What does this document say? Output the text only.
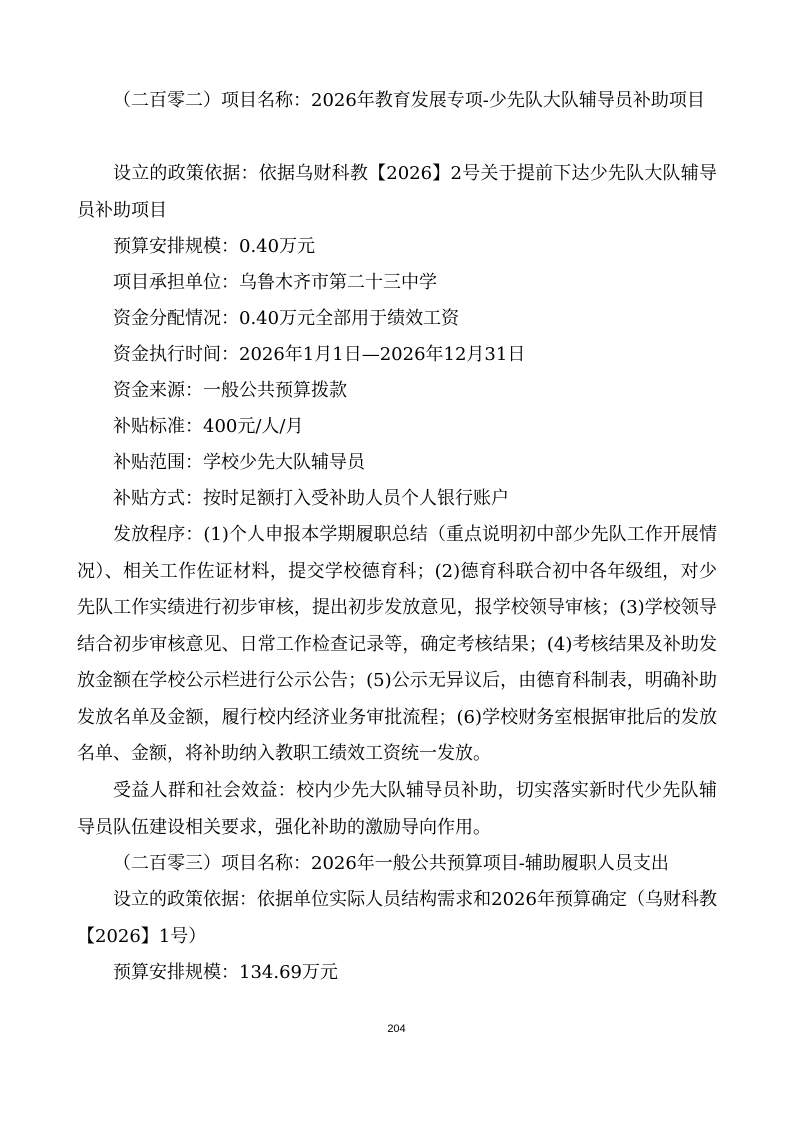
（二百零二）项目名称：2026年教育发展专项-少先队大队辅导员补助项目

设立的政策依据：依据乌财科教【2026】2号关于提前下达少先队大队辅导员补助项目

预算安排规模：0.40万元

项目承担单位：乌鲁木齐市第二十三中学

资金分配情况：0.40万元全部用于绩效工资

资金执行时间：2026年1月1日—2026年12月31日

资金来源：一般公共预算拨款

补贴标准：400元/人/月

补贴范围：学校少先大队辅导员

补贴方式：按时足额打入受补助人员个人银行账户

发放程序：(1)个人申报本学期履职总结（重点说明初中部少先队工作开展情况）、相关工作佐证材料，提交学校德育科；(2)德育科联合初中各年级组，对少先队工作实绩进行初步审核，提出初步发放意见，报学校领导审核；(3)学校领导结合初步审核意见、日常工作检查记录等，确定考核结果；(4)考核结果及补助发放金额在学校公示栏进行公示公告；(5)公示无异议后，由德育科制表，明确补助发放名单及金额，履行校内经济业务审批流程；(6)学校财务室根据审批后的发放名单、金额，将补助纳入教职工绩效工资统一发放。

受益人群和社会效益：校内少先大队辅导员补助，切实落实新时代少先队辅导员队伍建设相关要求，强化补助的激励导向作用。

（二百零三）项目名称：2026年一般公共预算项目-辅助履职人员支出

设立的政策依据：依据单位实际人员结构需求和2026年预算确定（乌财科教【2026】1号）

预算安排规模：134.69万元

204
